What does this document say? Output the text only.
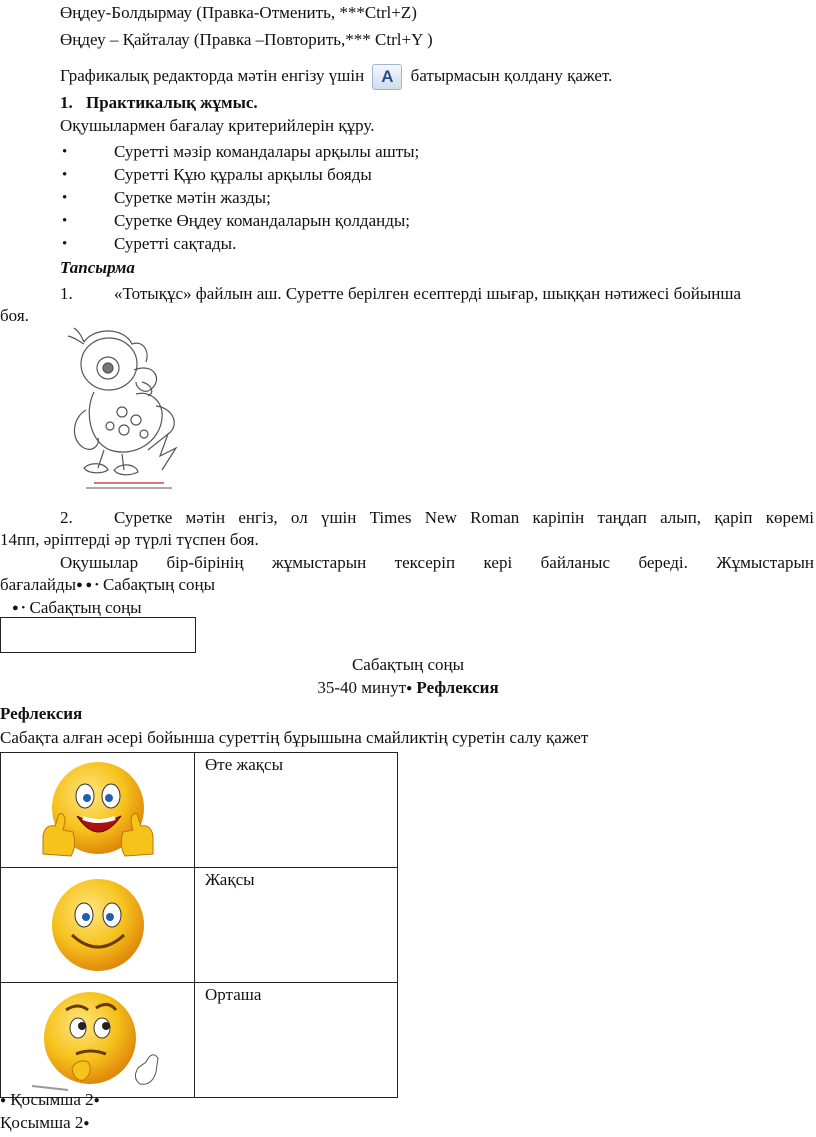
Өңдеу-Болдырмау (Правка-Отменить, ***Ctrl+Z)
Өңдеу – Қайталау (Правка –Повторить,*** Ctrl+Y )
Графикалық редакторда мәтін енгізу үшін A батырмасын қолдану қажет.
1. Практикалық жұмыс.
Оқушылармен бағалау критерийлерін құру.
• Суретті мәзір командалары арқылы ашты;
• Суретті Құю құралы арқылы бояды
• Суретке мәтін жазды;
• Суретке Өңдеу командаларын қолданды;
• Суретті сақтады.
Тапсырма
1. «Тотықұс» файлын аш. Суретте берілген есептерді шығар, шыққан нәтижесі бойынша
боя.
2. Суретке мәтін енгіз, ол үшін Times New Roman каріпін таңдап алып, қаріп көремі
14пп, әріптерді әр түрлі түспен боя.
Оқушылар бір-бірінің жұмыстарын тексеріп кері байланыс береді. Жұмыстарын
бағалайды● ● • Сабақтың соңы
● • Сабақтың соңы
Сабақтың соңы
35-40 минут● Рефлексия
Рефлексия
Сабақта алған әсері бойынша суреттің бұрышына смайликтің суретін салу қажет
	Өте жақсы

	Жақсы

	Орташа
● Қосымша 2●
Қосымша 2●
